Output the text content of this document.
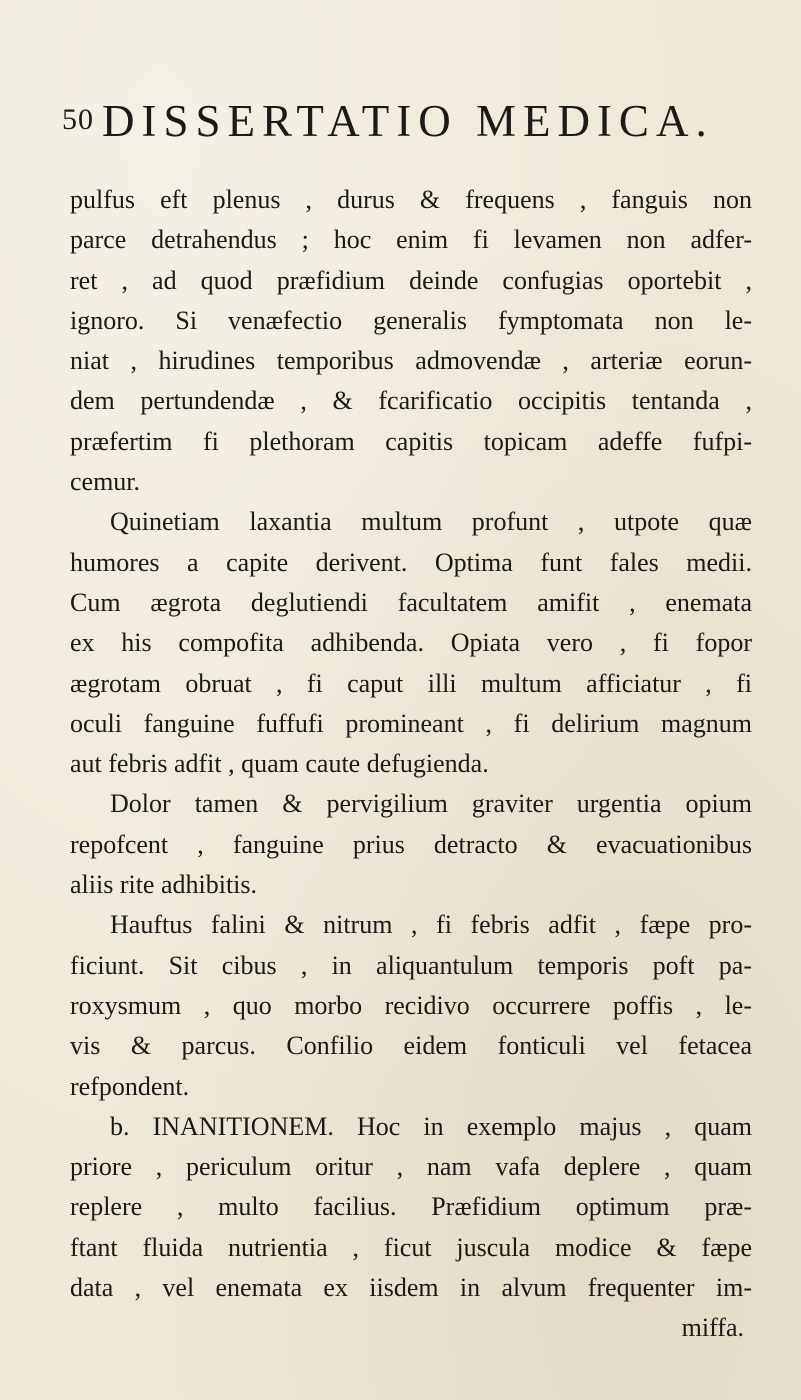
50 DISSERTATIO MEDICA.
pulfus eft plenus , durus & frequens , fanguis non
parce detrahendus ; hoc enim fi levamen non adfer-
ret , ad quod præfidium deinde confugias oportebit ,
ignoro. Si venæfectio generalis fymptomata non le-
niat , hirudines temporibus admovendæ , arteriæ eorun-
dem pertundendæ , & fcarificatio occipitis tentanda ,
præfertim fi plethoram capitis topicam adeffe fufpi-
cemur.
Quinetiam laxantia multum profunt , utpote quæ
humores a capite derivent. Optima funt fales medii.
Cum ægrota deglutiendi facultatem amifit , enemata
ex his compofita adhibenda. Opiata vero , fi fopor
ægrotam obruat , fi caput illi multum afficiatur , fi
oculi fanguine fuffufi promineant , fi delirium magnum
aut febris adfit , quam caute defugienda.
Dolor tamen & pervigilium graviter urgentia opium
repofcent , fanguine prius detracto & evacuationibus
aliis rite adhibitis.
Hauftus falini & nitrum , fi febris adfit , fæpe pro-
ficiunt. Sit cibus , in aliquantulum temporis poft pa-
roxysmum , quo morbo recidivo occurrere poffis , le-
vis & parcus. Confilio eidem fonticuli vel fetacea
refpondent.
b. INANITIONEM. Hoc in exemplo majus , quam
priore , periculum oritur , nam vafa deplere , quam
replere , multo facilius. Præfidium optimum præ-
ftant fluida nutrientia , ficut juscula modice & fæpe
data , vel enemata ex iisdem in alvum frequenter im-
miffa.
